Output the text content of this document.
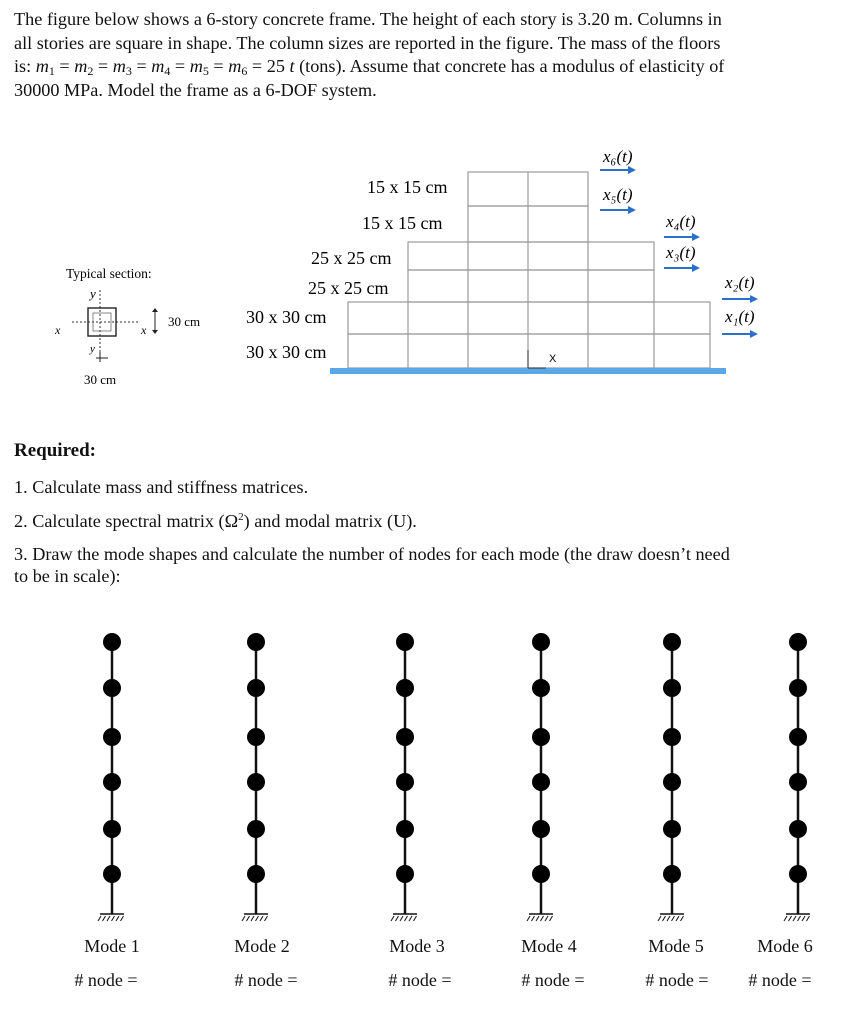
The figure below shows a 6-story concrete frame. The height of each story is 3.20 m. Columns in
all stories are square in shape. The column sizes are reported in the figure. The mass of the floors
is: $m_1 = m_2 = m_3 = m_4 = m_5 = m_6 = 25$ t (tons). Assume that concrete has a modulus of elasticity of
30000 MPa. Model the frame as a 6-DOF system.
Typical section:
y
x	x
30 cm
y
30 cm
15 x 15 cm
15 x 15 cm
25 x 25 cm
25 x 25 cm
30 x 30 cm
30 x 30 cm	X
x₆(t)
x₅(t)
x₄(t)
x₃(t)
x₂(t)
x₁(t)
Required:
1. Calculate mass and stiffness matrices.
2. Calculate spectral matrix $(\Omega^2)$ and modal matrix (U).
3. Draw the mode shapes and calculate the number of nodes for each mode (the draw doesn’t need
to be in scale):
Mode 1
# node =
Mode 2
# node =
Mode 3
# node =
Mode 4
# node =
Mode 5
# node =
Mode 6
# node =
